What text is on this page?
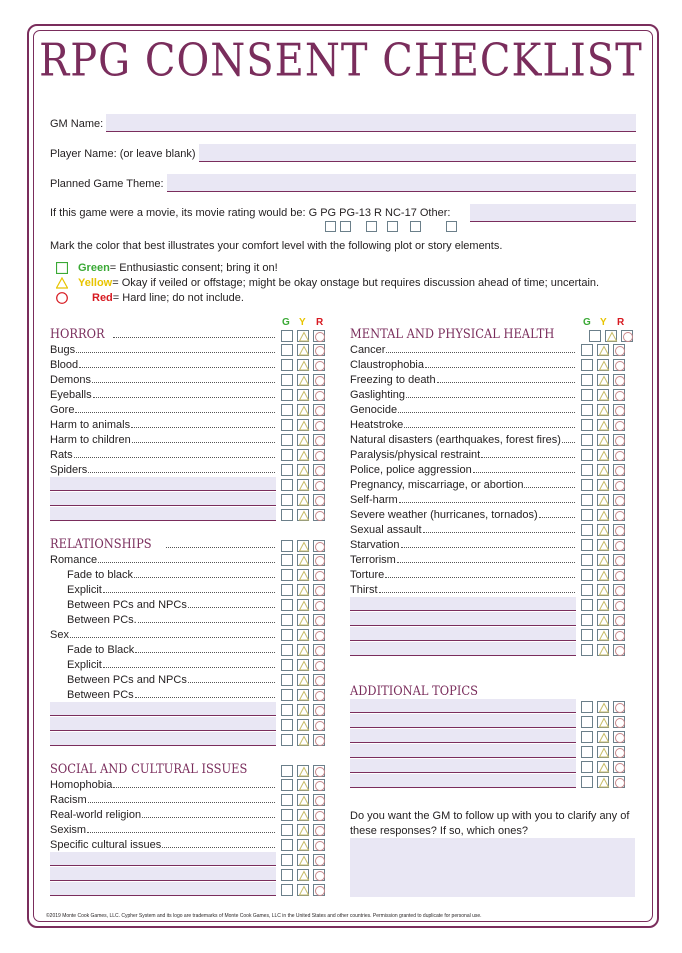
RPG CONSENT CHECKLIST
GM Name:
Player Name: (or leave blank)
Planned Game Theme:
If this game were a movie, its movie rating would be: G PG PG-13 R NC-17 Other:
Mark the color that best illustrates your comfort level with the following plot or story elements.
Green = Enthusiastic consent; bring it on!
Yellow = Okay if veiled or offstage; might be okay onstage but requires discussion ahead of time; uncertain.
Red = Hard line; do not include.
G Y R	G Y R
HORROR
Bugs
Blood
Demons
Eyeballs
Gore
Harm to animals
Harm to children
Rats
Spiders
RELATIONSHIPS
Romance
Fade to black
Explicit
Between PCs and NPCs
Between PCs.
Sex
Fade to Black
Explicit
Between PCs and NPCs
Between PCs
SOCIAL AND CULTURAL ISSUES
Homophobia
Racism
Real-world religion
Sexism
Specific cultural issues
MENTAL AND PHYSICAL HEALTH
Cancer
Claustrophobia
Freezing to death
Gaslighting
Genocide
Heatstroke
Natural disasters (earthquakes, forest fires)
Paralysis/physical restraint
Police, police aggression
Pregnancy, miscarriage, or abortion
Self-harm
Severe weather (hurricanes, tornados)
Sexual assault
Starvation
Terrorism
Torture
Thirst
ADDITIONAL TOPICS
Do you want the GM to follow up with you to clarify any of these responses? If so, which ones?
©2019 Monte Cook Games, LLC. Cypher System and its logo are trademarks of Monte Cook Games, LLC in the United States and other countries. Permission granted to duplicate for personal use.
